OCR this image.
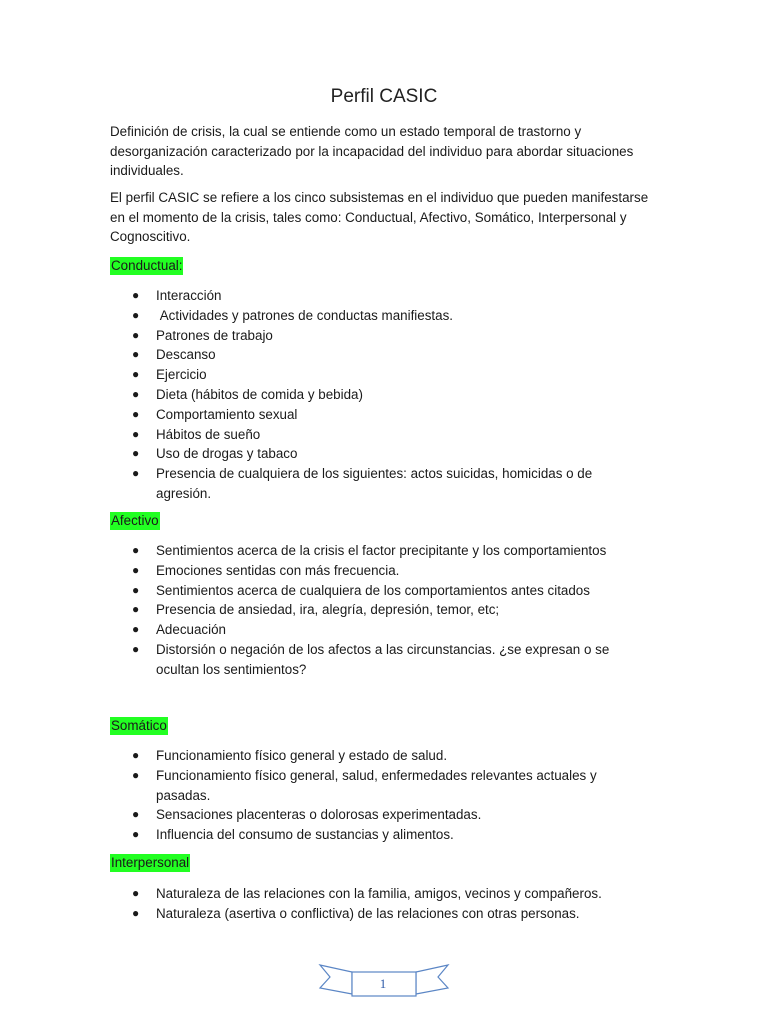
Perfil CASIC

Definición de crisis, la cual se entiende como un estado temporal de trastorno y desorganización caracterizado por la incapacidad del individuo para abordar situaciones individuales.

El perfil CASIC se refiere a los cinco subsistemas en el individuo que pueden manifestarse en el momento de la crisis, tales como: Conductual, Afectivo, Somático, Interpersonal y Cognoscitivo.

Conductual:
● Interacción
● Actividades y patrones de conductas manifiestas.
● Patrones de trabajo
● Descanso
● Ejercicio
● Dieta (hábitos de comida y bebida)
● Comportamiento sexual
● Hábitos de sueño
● Uso de drogas y tabaco
● Presencia de cualquiera de los siguientes: actos suicidas, homicidas o de agresión.
Afectivo
● Sentimientos acerca de la crisis el factor precipitante y los comportamientos
● Emociones sentidas con más frecuencia.
● Sentimientos acerca de cualquiera de los comportamientos antes citados
● Presencia de ansiedad, ira, alegría, depresión, temor, etc;
● Adecuación
● Distorsión o negación de los afectos a las circunstancias. ¿se expresan o se ocultan los sentimientos?
Somático
● Funcionamiento físico general y estado de salud.
● Funcionamiento físico general, salud, enfermedades relevantes actuales y pasadas.
● Sensaciones placenteras o dolorosas experimentadas.
● Influencia del consumo de sustancias y alimentos.
Interpersonal
● Naturaleza de las relaciones con la familia, amigos, vecinos y compañeros.
● Naturaleza (asertiva o conflictiva) de las relaciones con otras personas.
1
